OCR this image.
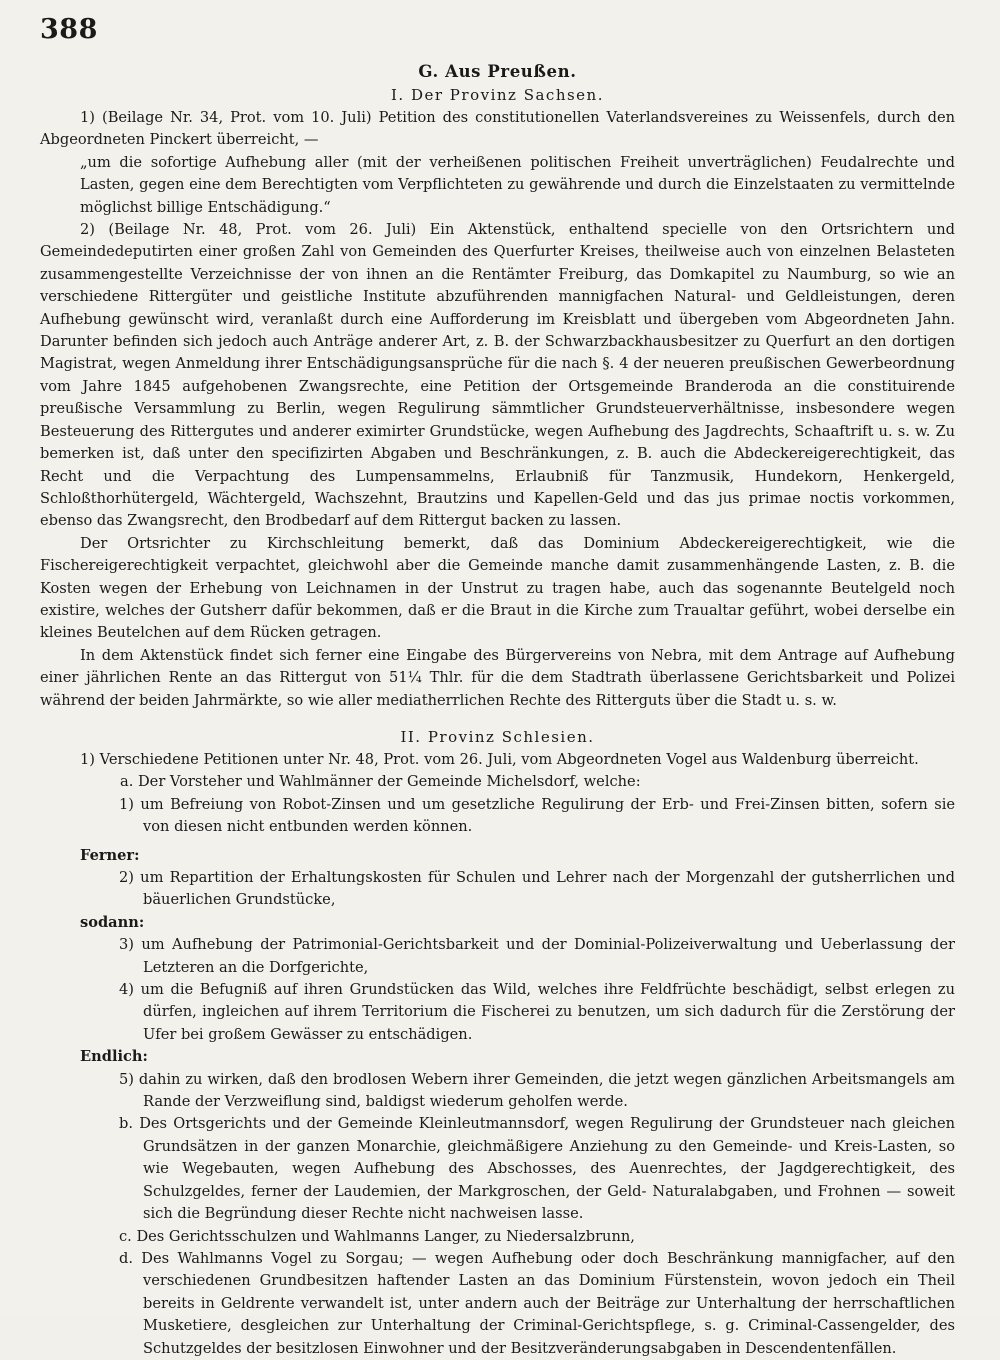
388

G. Aus Preußen.

I. Der Provinz Sachsen.

1) (Beilage Nr. 34, Prot. vom 10. Juli) Petition des constitutionellen Vaterlandsvereines zu Weissenfels, durch den Abgeordneten Pinckert überreicht, —

„um die sofortige Aufhebung aller (mit der verheißenen politischen Freiheit unverträglichen) Feudalrechte und Lasten, gegen eine dem Berechtigten vom Verpflichteten zu gewährende und durch die Einzelstaaten zu vermittelnde möglichst billige Entschädigung.“

2) (Beilage Nr. 48, Prot. vom 26. Juli) Ein Aktenstück, enthaltend specielle von den Ortsrichtern und Gemeindedeputirten einer großen Zahl von Gemeinden des Querfurter Kreises, theilweise auch von einzelnen Belasteten zusammengestellte Verzeichnisse der von ihnen an die Rentämter Freiburg, das Domkapitel zu Naumburg, so wie an verschiedene Rittergüter und geistliche Institute abzuführenden mannigfachen Natural- und Geldleistungen, deren Aufhebung gewünscht wird, veranlaßt durch eine Aufforderung im Kreisblatt und übergeben vom Abgeordneten Jahn. Darunter befinden sich jedoch auch Anträge anderer Art, z. B. der Schwarzbackhausbesitzer zu Querfurt an den dortigen Magistrat, wegen Anmeldung ihrer Entschädigungsansprüche für die nach §. 4 der neueren preußischen Gewerbeordnung vom Jahre 1845 aufgehobenen Zwangsrechte, eine Petition der Ortsgemeinde Branderoda an die constituirende preußische Versammlung zu Berlin, wegen Regulirung sämmtlicher Grundsteuerverhältnisse, insbesondere wegen Besteuerung des Rittergutes und anderer eximirter Grundstücke, wegen Aufhebung des Jagdrechts, Schaaftrift u. s. w. Zu bemerken ist, daß unter den specifizirten Abgaben und Beschränkungen, z. B. auch die Abdeckereigerechtigkeit, das Recht und die Verpachtung des Lumpensammelns, Erlaubniß für Tanzmusik, Hundekorn, Henkergeld, Schloßthorhütergeld, Wächtergeld, Wachszehnt, Brautzins und Kapellen-Geld und das jus primae noctis vorkommen, ebenso das Zwangsrecht, den Brodbedarf auf dem Rittergut backen zu lassen.

Der Ortsrichter zu Kirchschleitung bemerkt, daß das Dominium Abdeckereigerechtigkeit, wie die Fischereigerechtigkeit verpachtet, gleichwohl aber die Gemeinde manche damit zusammenhängende Lasten, z. B. die Kosten wegen der Erhebung von Leichnamen in der Unstrut zu tragen habe, auch das sogenannte Beutelgeld noch existire, welches der Gutsherr dafür bekommen, daß er die Braut in die Kirche zum Traualtar geführt, wobei derselbe ein kleines Beutelchen auf dem Rücken getragen.

In dem Aktenstück findet sich ferner eine Eingabe des Bürgervereins von Nebra, mit dem Antrage auf Aufhebung einer jährlichen Rente an das Rittergut von 51¼ Thlr. für die dem Stadtrath überlassene Gerichtsbarkeit und Polizei während der beiden Jahrmärkte, so wie aller mediatherrlichen Rechte des Ritterguts über die Stadt u. s. w.

II. Provinz Schlesien.

1) Verschiedene Petitionen unter Nr. 48, Prot. vom 26. Juli, vom Abgeordneten Vogel aus Waldenburg überreicht.

a. Der Vorsteher und Wahlmänner der Gemeinde Michelsdorf, welche:

1) um Befreiung von Robot-Zinsen und um gesetzliche Regulirung der Erb- und Frei-Zinsen bitten, sofern sie von diesen nicht entbunden werden können.

Ferner:

2) um Repartition der Erhaltungskosten für Schulen und Lehrer nach der Morgenzahl der gutsherrlichen und bäuerlichen Grundstücke,

sodann:

3) um Aufhebung der Patrimonial-Gerichtsbarkeit und der Dominial-Polizeiverwaltung und Ueberlassung der Letzteren an die Dorfgerichte,

4) um die Befugniß auf ihren Grundstücken das Wild, welches ihre Feldfrüchte beschädigt, selbst erlegen zu dürfen, ingleichen auf ihrem Territorium die Fischerei zu benutzen, um sich dadurch für die Zerstörung der Ufer bei großem Gewässer zu entschädigen.

Endlich:

5) dahin zu wirken, daß den brodlosen Webern ihrer Gemeinden, die jetzt wegen gänzlichen Arbeitsmangels am Rande der Verzweiflung sind, baldigst wiederum geholfen werde.

b. Des Ortsgerichts und der Gemeinde Kleinleutmannsdorf, wegen Regulirung der Grundsteuer nach gleichen Grundsätzen in der ganzen Monarchie, gleichmäßigere Anziehung zu den Gemeinde- und Kreis-Lasten, so wie Wegebauten, wegen Aufhebung des Abschosses, des Auenrechtes, der Jagdgerechtigkeit, des Schulzgeldes, ferner der Laudemien, der Markgroschen, der Geld- Naturalabgaben, und Frohnen — soweit sich die Begründung dieser Rechte nicht nachweisen lasse.

c. Des Gerichtsschulzen und Wahlmanns Langer, zu Niedersalzbrunn,

d. Des Wahlmanns Vogel zu Sorgau; — wegen Aufhebung oder doch Beschränkung mannigfacher, auf den verschiedenen Grundbesitzen haftender Lasten an das Dominium Fürstenstein, wovon jedoch ein Theil bereits in Geldrente verwandelt ist, unter andern auch der Beiträge zur Unterhaltung der herrschaftlichen Musketiere, desgleichen zur Unterhaltung der Criminal-Gerichtspflege, s. g. Criminal-Cassengelder, des Schutzgeldes der besitzlosen Einwohner und der Besitzveränderungsabgaben in Descendentenfällen.
